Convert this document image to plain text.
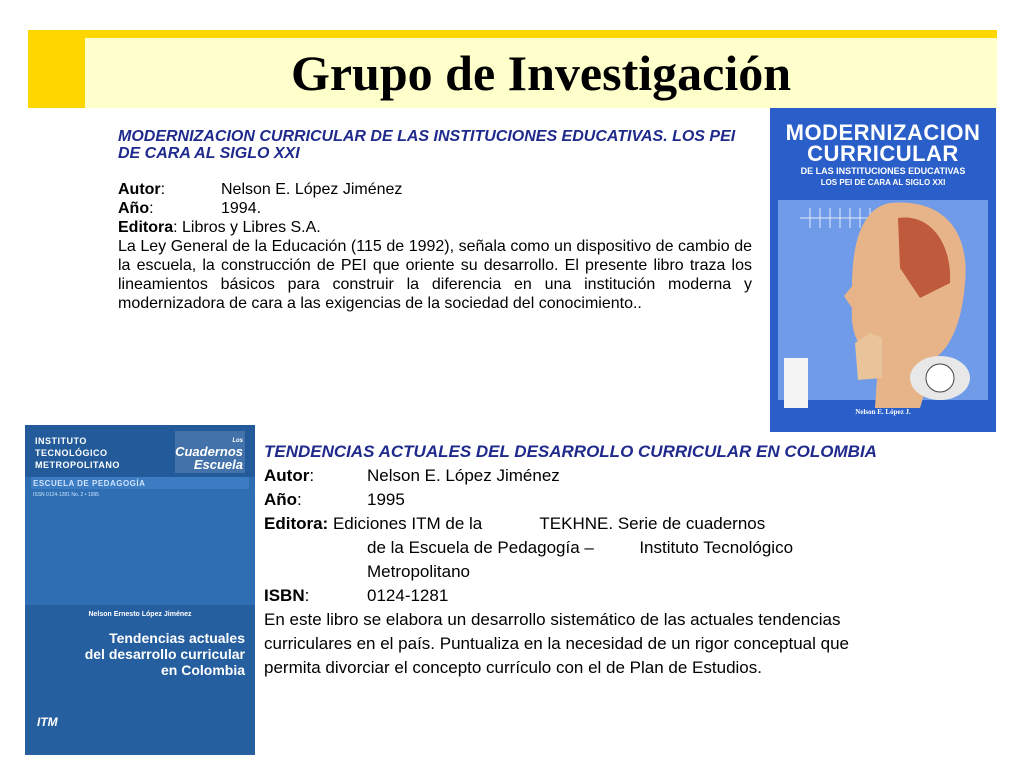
Grupo de Investigación
MODERNIZACION CURRICULAR DE LAS INSTITUCIONES EDUCATIVAS. LOS PEI DE CARA AL SIGLO XXI
Autor:	Nelson E. López Jiménez
Año:	1994.
Editora: Libros y Libres S.A.
La Ley General de la Educación (115 de 1992), señala como un dispositivo de cambio de la escuela, la construcción de PEI que oriente su desarrollo. El presente libro traza los lineamientos básicos para construir la diferencia en una institución moderna y modernizadora de cara a las exigencias de la sociedad del conocimiento..
MODERNIZACION
CURRICULAR
DE LAS INSTITUCIONES EDUCATIVAS
LOS PEI DE CARA AL SIGLO XXI
Nelson E. López J.
INSTITUTO
TECNOLÓGICO
METROPOLITANO
Los
Cuadernos
Escuela
ESCUELA DE PEDAGOGÍA
ISSN 0124-1281 No. 2 • 1995
Nelson Ernesto López Jiménez
Tendencias actuales
del desarrollo curricular
en Colombia
ITM
TENDENCIAS ACTUALES DEL DESARROLLO CURRICULAR EN COLOMBIA
Autor:	Nelson E. López Jiménez
Año:	1995
Editora: Ediciones ITM de la	TEKHNE. Serie de cuadernos
de la Escuela de Pedagogía –	Instituto Tecnológico
Metropolitano
ISBN:	0124-1281
En este libro se elabora un desarrollo sistemático de las actuales tendencias curriculares en el país. Puntualiza en la necesidad de un rigor conceptual que permita divorciar el concepto currículo con el de Plan de Estudios.
